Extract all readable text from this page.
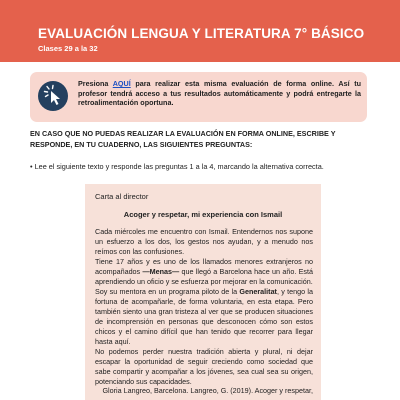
EVALUACIÓN LENGUA Y LITERATURA 7° BÁSICO
Clases 29 a la 32
Presiona AQUÍ para realizar esta misma evaluación de forma online. Así tu profesor tendrá acceso a tus resultados automáticamente y podrá entregarte la retroalimentación oportuna.
EN CASO QUE NO PUEDAS REALIZAR LA EVALUACIÓN EN FORMA ONLINE, ESCRIBE Y RESPONDE, EN TU CUADERNO, LAS SIGUIENTES PREGUNTAS:
• Lee el siguiente texto y responde las preguntas 1 a la 4, marcando la alternativa correcta.
Carta al director
Acoger y respetar, mi experiencia con Ismail

Cada miércoles me encuentro con Ismail. Entendernos nos supone un esfuerzo a los dos, los gestos nos ayudan, y a menudo nos reímos con las confusiones.

Tiene 17 años y es uno de los llamados menores extranjeros no acompañados —Menas— que llegó a Barcelona hace un año. Está aprendiendo un oficio y se esfuerza por mejorar en la comunicación.

Soy su mentora en un programa piloto de la Generalitat, y tengo la fortuna de acompañarle, de forma voluntaria, en esta etapa. Pero también siento una gran tristeza al ver que se producen situaciones de incomprensión en personas que desconocen cómo son estos chicos y el camino difícil que han tenido que recorrer para llegar hasta aquí.

No podemos perder nuestra tradición abierta y plural, ni dejar escapar la oportunidad de seguir creciendo como sociedad que sabe compartir y acompañar a los jóvenes, sea cual sea su origen, potenciando sus capacidades.

Gloria Langreo, Barcelona. Langreo, G. (2019). Acoger y respetar,
